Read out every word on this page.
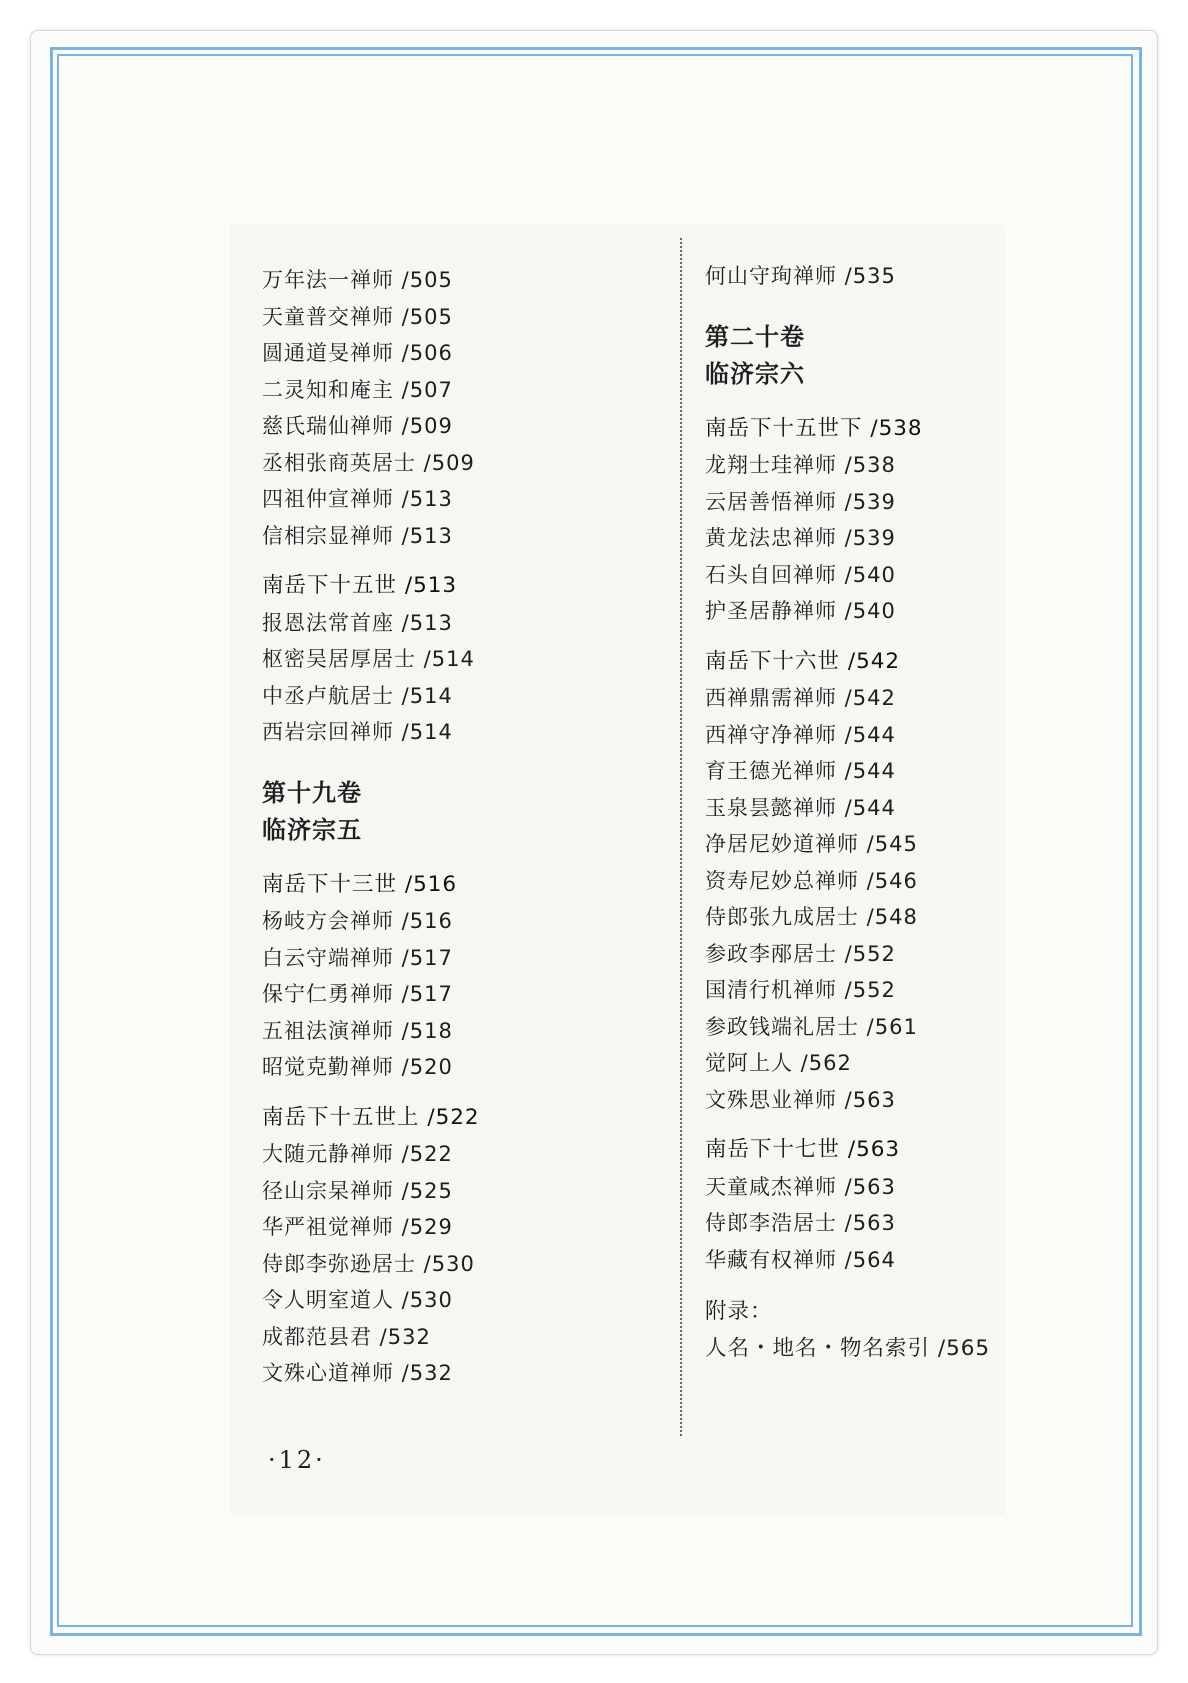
万年法一禅师 /505
天童普交禅师 /505
圆通道旻禅师 /506
二灵知和庵主 /507
慈氏瑞仙禅师 /509
丞相张商英居士 /509
四祖仲宣禅师 /513
信相宗显禅师 /513
南岳下十五世 /513
报恩法常首座 /513
枢密吴居厚居士 /514
中丞卢航居士 /514
西岩宗回禅师 /514
第十九卷
临济宗五
南岳下十三世 /516
杨岐方会禅师 /516
白云守端禅师 /517
保宁仁勇禅师 /517
五祖法演禅师 /518
昭觉克勤禅师 /520
南岳下十五世上 /522
大随元静禅师 /522
径山宗杲禅师 /525
华严祖觉禅师 /529
侍郎李弥逊居士 /530
令人明室道人 /530
成都范县君 /532
文殊心道禅师 /532
何山守珣禅师 /535
第二十卷
临济宗六
南岳下十五世下 /538
龙翔士珪禅师 /538
云居善悟禅师 /539
黄龙法忠禅师 /539
石头自回禅师 /540
护圣居静禅师 /540
南岳下十六世 /542
西禅鼎需禅师 /542
西禅守净禅师 /544
育王德光禅师 /544
玉泉昙懿禅师 /544
净居尼妙道禅师 /545
资寿尼妙总禅师 /546
侍郎张九成居士 /548
参政李邴居士 /552
国清行机禅师 /552
参政钱端礼居士 /561
觉阿上人 /562
文殊思业禅师 /563
南岳下十七世 /563
天童咸杰禅师 /563
侍郎李浩居士 /563
华藏有权禅师 /564
附录：
人名・地名・物名索引 /565
·12·
